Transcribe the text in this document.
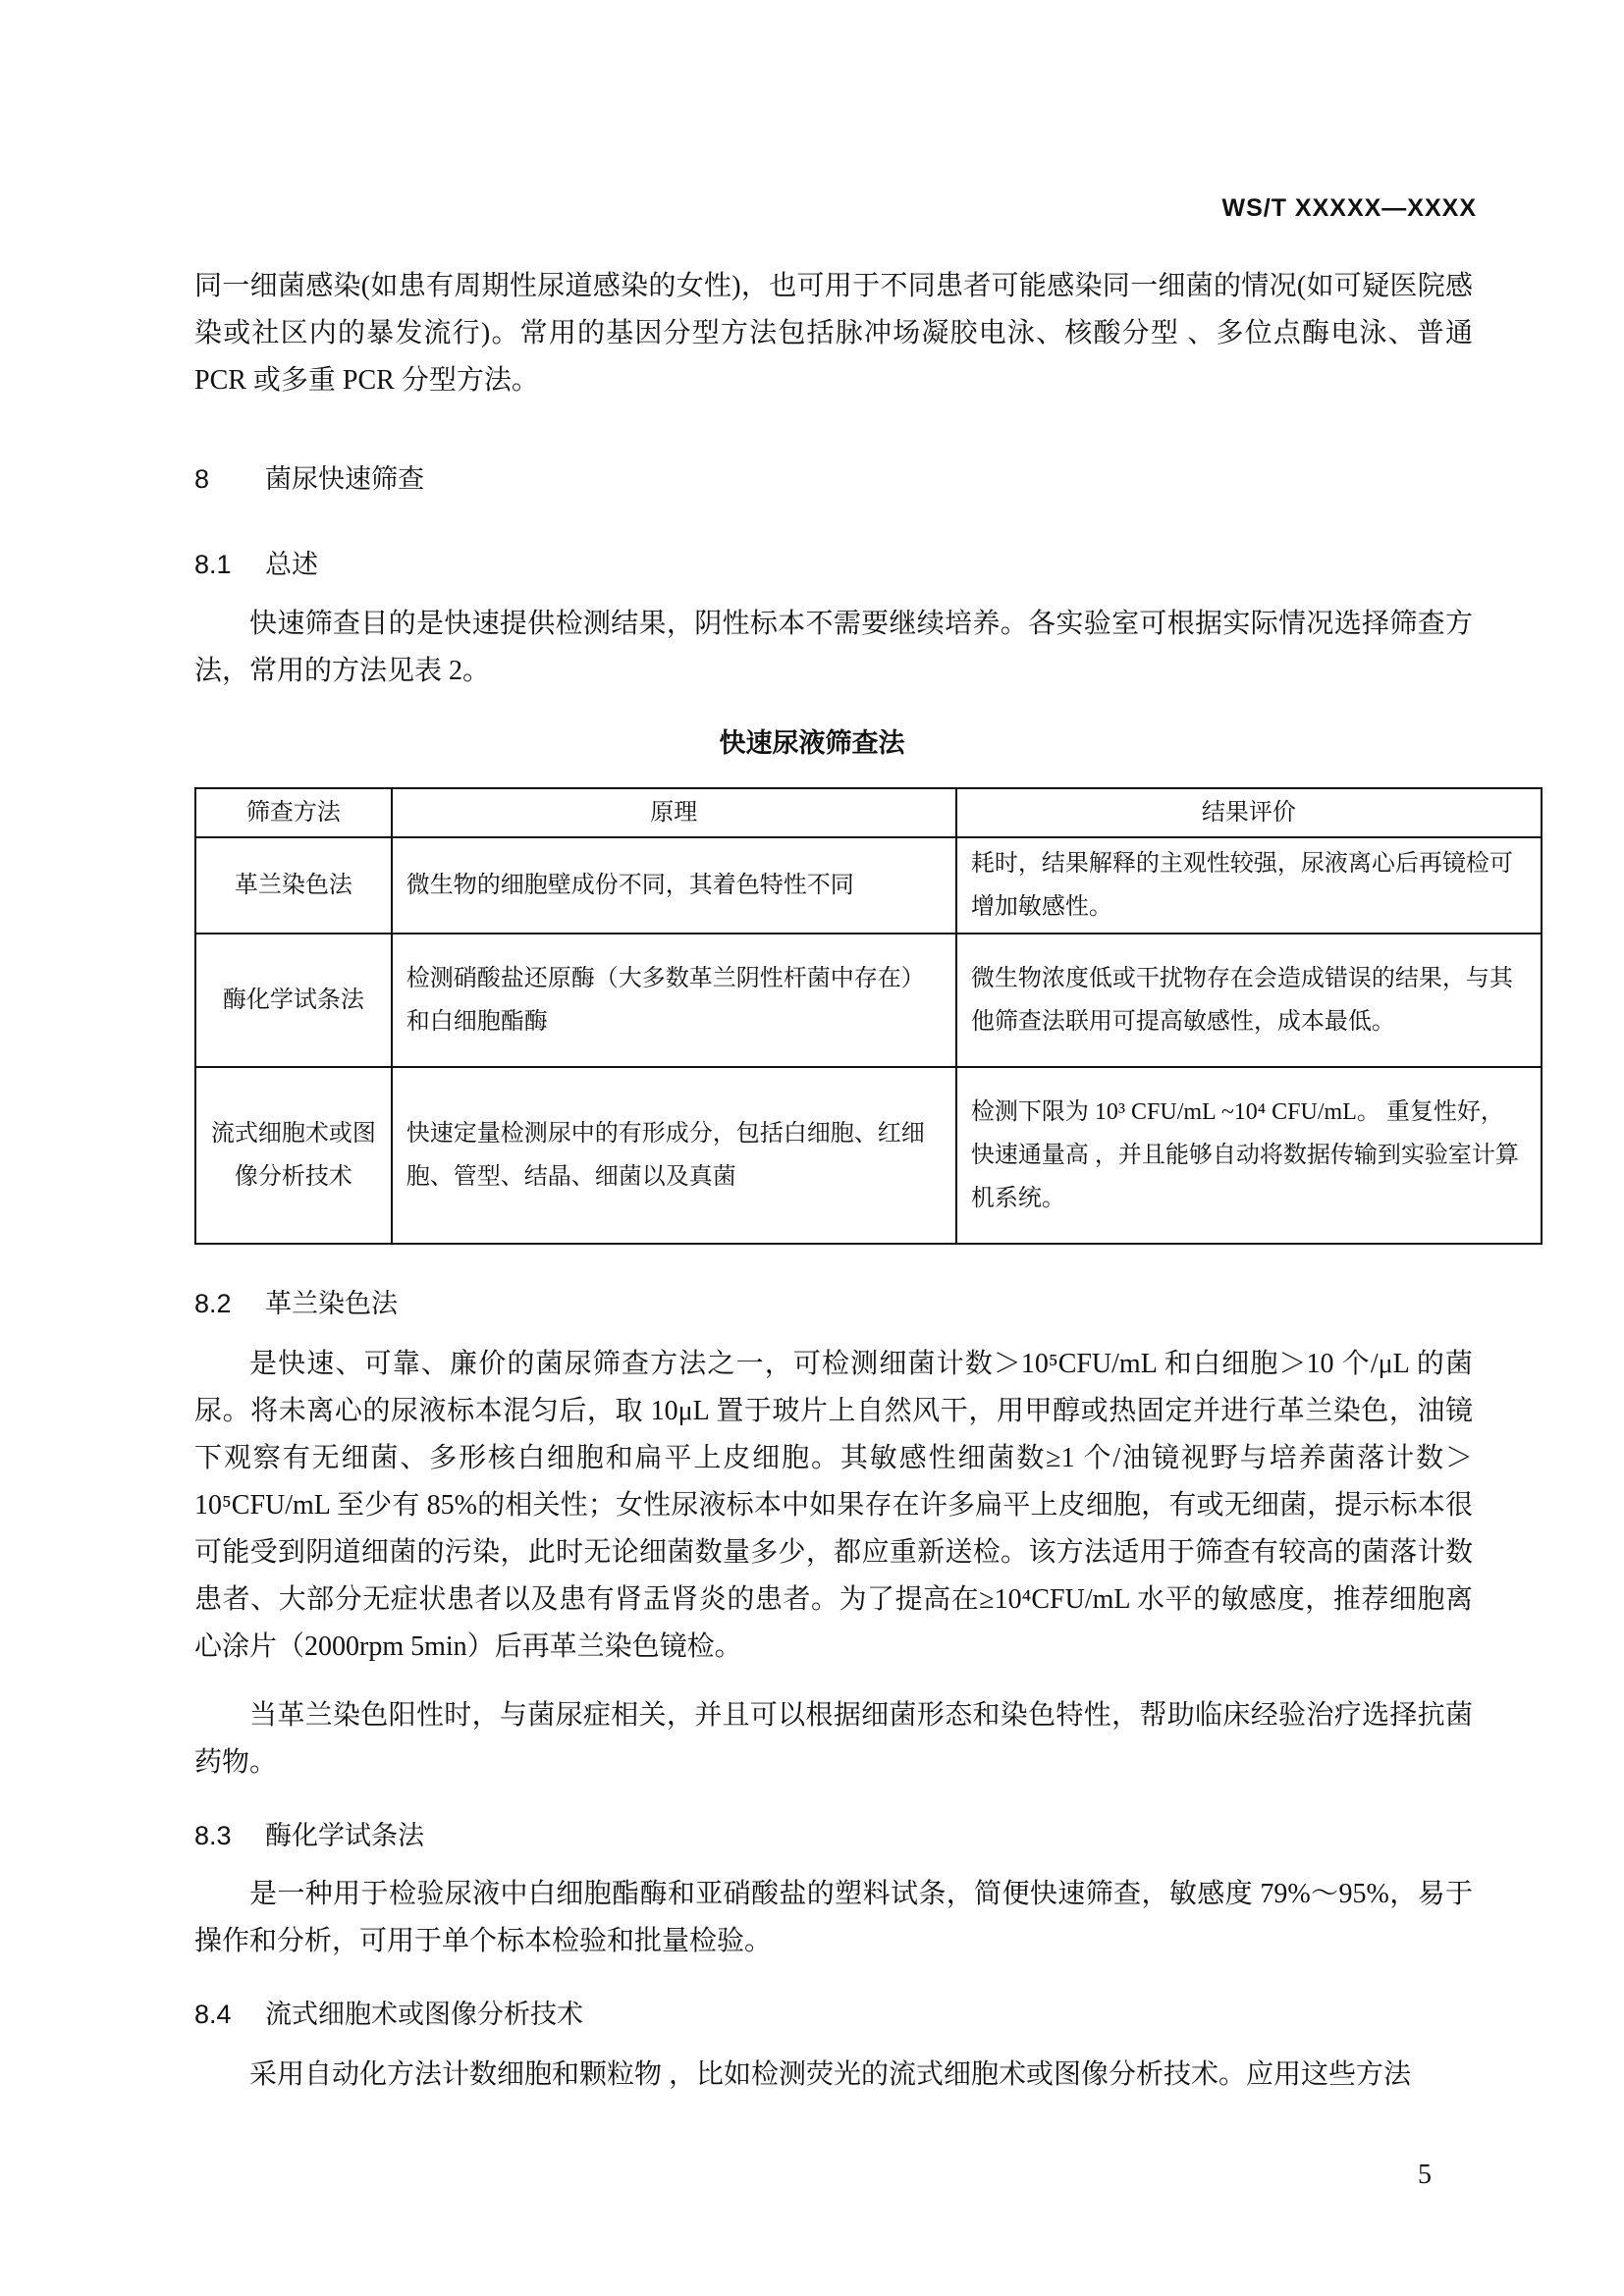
WS/T XXXXX—XXXX
同一细菌感染(如患有周期性尿道感染的女性)，也可用于不同患者可能感染同一细菌的情况(如可疑医院感染或社区内的暴发流行)。常用的基因分型方法包括脉冲场凝胶电泳、核酸分型 、多位点酶电泳、普通 PCR 或多重 PCR 分型方法。
8 菌尿快速筛查
8.1 总述
快速筛查目的是快速提供检测结果，阴性标本不需要继续培养。各实验室可根据实际情况选择筛查方法，常用的方法见表 2。
快速尿液筛查法
筛查方法	原理	结果评价
革兰染色法	微生物的细胞壁成份不同，其着色特性不同	耗时，结果解释的主观性较强，尿液离心后再镜检可增加敏感性。
酶化学试条法	检测硝酸盐还原酶（大多数革兰阴性杆菌中存在）和白细胞酯酶	微生物浓度低或干扰物存在会造成错误的结果，与其他筛查法联用可提高敏感性，成本最低。
流式细胞术或图像分析技术	快速定量检测尿中的有形成分，包括白细胞、红细胞、管型、结晶、细菌以及真菌	检测下限为 10³ CFU/mL ~10⁴ CFU/mL。 重复性好，快速通量高 ，并且能够自动将数据传输到实验室计算机系统。
8.2 革兰染色法
是快速、可靠、廉价的菌尿筛查方法之一，可检测细菌计数＞10⁵CFU/mL 和白细胞＞10 个/μL 的菌尿。将未离心的尿液标本混匀后，取 10μL 置于玻片上自然风干，用甲醇或热固定并进行革兰染色，油镜下观察有无细菌、多形核白细胞和扁平上皮细胞。其敏感性细菌数≥1 个/油镜视野与培养菌落计数＞10⁵CFU/mL 至少有 85%的相关性；女性尿液标本中如果存在许多扁平上皮细胞，有或无细菌，提示标本很可能受到阴道细菌的污染，此时无论细菌数量多少，都应重新送检。该方法适用于筛查有较高的菌落计数患者、大部分无症状患者以及患有肾盂肾炎的患者。为了提高在≥10⁴CFU/mL 水平的敏感度，推荐细胞离心涂片（2000rpm 5min）后再革兰染色镜检。
当革兰染色阳性时，与菌尿症相关，并且可以根据细菌形态和染色特性，帮助临床经验治疗选择抗菌药物。
8.3 酶化学试条法
是一种用于检验尿液中白细胞酯酶和亚硝酸盐的塑料试条，简便快速筛查，敏感度 79%～95%，易于操作和分析，可用于单个标本检验和批量检验。
8.4 流式细胞术或图像分析技术
采用自动化方法计数细胞和颗粒物 ，比如检测荧光的流式细胞术或图像分析技术。应用这些方法
5
